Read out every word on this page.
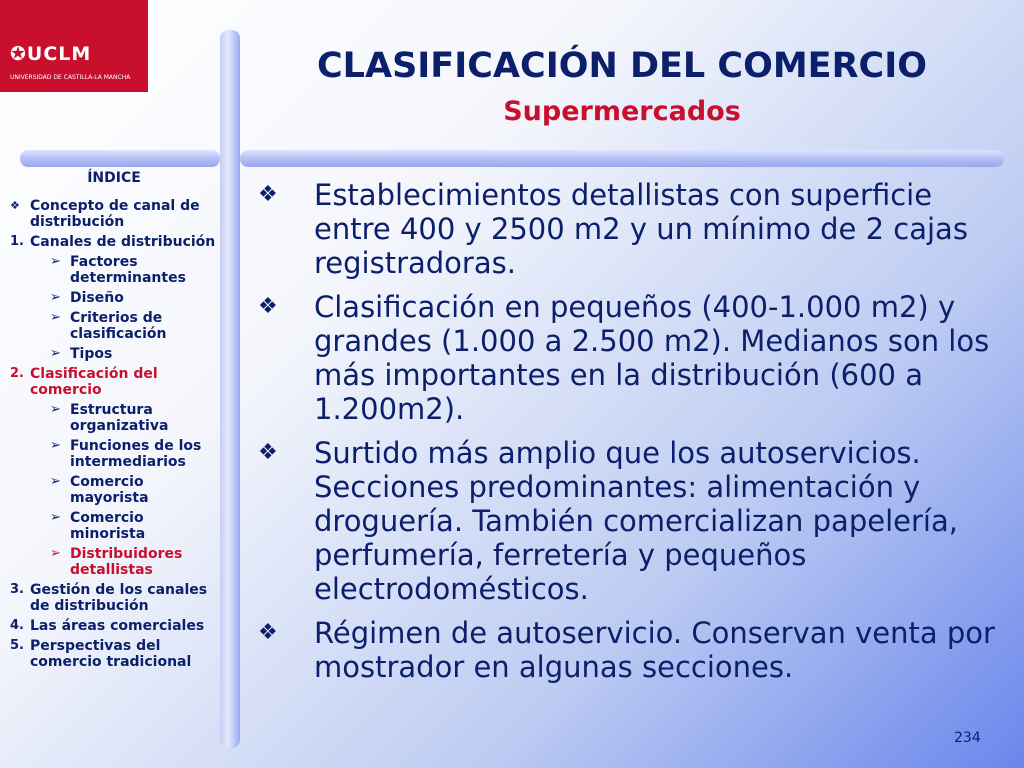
✪UCLM
UNIVERSIDAD DE CASTILLA-LA MANCHA	CLASIFICACIÓN DEL COMERCIO
Supermercados
ÍNDICE
❖ Concepto de canal de distribución
1. Canales de distribución
➢ Factores determinantes
➢ Diseño
➢ Criterios de clasificación
➢ Tipos
2. Clasificación del comercio
➢ Estructura organizativa
➢ Funciones de los intermediarios
➢ Comercio mayorista
➢ Comercio minorista
➢ Distribuidores detallistas
3. Gestión de los canales de distribución
4. Las áreas comerciales
5. Perspectivas del comercio tradicional
❖	Establecimientos detallistas con superficie entre 400 y 2500 m2 y un mínimo de 2 cajas registradoras.
❖	Clasificación en pequeños (400-1.000 m2) y grandes (1.000 a 2.500 m2). Medianos son los más importantes en la distribución (600 a 1.200m2).
❖	Surtido más amplio que los autoservicios. Secciones predominantes: alimentación y droguería. También comercializan papelería, perfumería, ferretería y pequeños electrodomésticos.
❖	Régimen de autoservicio. Conservan venta por mostrador en algunas secciones.
234
